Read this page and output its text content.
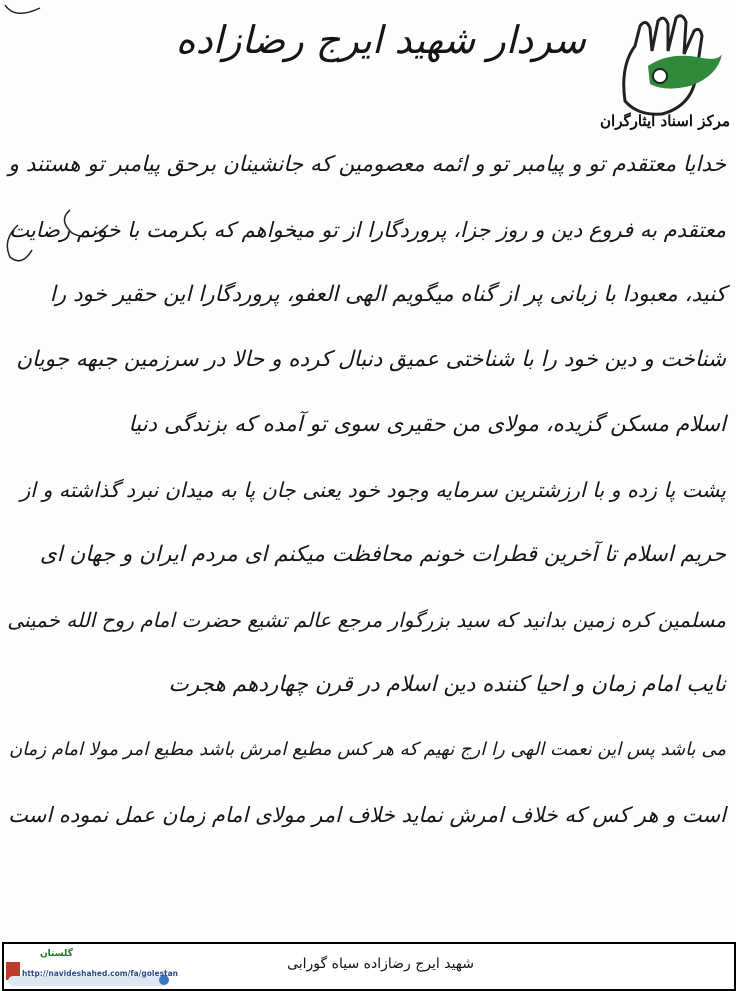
سردار شهید ایرج رضازاده
مرکز اسناد ایثارگران
خدایا معتقدم تو و پیامبر تو و ائمه معصومین که جانشینان برحق پیامبر تو هستند و
معتقدم به فروع دین و روز جزا، پروردگارا از تو میخواهم که بکرمت با خونم رضایت
کنید، معبودا با زبانی پر از گناه میگویم الهی العفو، پروردگارا این حقیر خود را
شناخت و دین خود را با شناختی عمیق دنبال کرده و حالا در سرزمین جبهه جویان
اسلام مسکن گزیده، مولای من حقیری سوی تو آمده که بزندگی دنیا
پشت پا زده و با ارزشترین سرمایه وجود خود یعنی جان پا به میدان نبرد گذاشته و از
حریم اسلام تا آخرین قطرات خونم محافظت میکنم ای مردم ایران و جهان ای
مسلمین کره زمین بدانید که سید بزرگوار مرجع عالم تشیع حضرت امام روح الله خمینی
نایب امام زمان و احیا کننده دین اسلام در قرن چهاردهم هجرت
می باشد پس این نعمت الهی را ارج نهیم که هر کس مطیع امرش باشد مطیع امر مولا امام زمان
است و هر کس که خلاف امرش نماید خلاف امر مولای امام زمان عمل نموده است
شهید ایرج رضازاده سیاه گورابی
گلستان
http://navideshahed.com/fa/golestan
